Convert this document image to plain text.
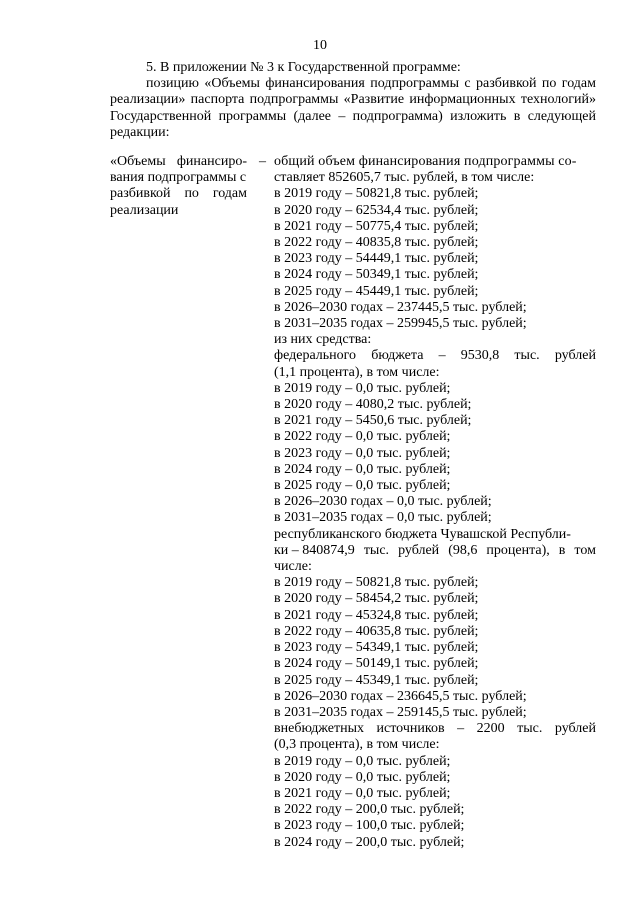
10

5. В приложении № 3 к Государственной программе:

позицию «Объемы финансирования подпрограммы с разбивкой по годам реализации» паспорта подпрограммы «Развитие информационных технологий» Государственной программы (далее – подпрограмма) изложить в следующей редакции:

«Объемы финансиро-
вания подпрограммы с
разбивкой по годам
реализации
– общий объем финансирования подпрограммы со-
ставляет 852605,7 тыс. рублей, в том числе:
в 2019 году – 50821,8 тыс. рублей;
в 2020 году – 62534,4 тыс. рублей;
в 2021 году – 50775,4 тыс. рублей;
в 2022 году – 40835,8 тыс. рублей;
в 2023 году – 54449,1 тыс. рублей;
в 2024 году – 50349,1 тыс. рублей;
в 2025 году – 45449,1 тыс. рублей;
в 2026–2030 годах – 237445,5 тыс. рублей;
в 2031–2035 годах – 259945,5 тыс. рублей;
из них средства:
федерального бюджета – 9530,8 тыс. рублей
(1,1 процента), в том числе:
в 2019 году – 0,0 тыс. рублей;
в 2020 году – 4080,2 тыс. рублей;
в 2021 году – 5450,6 тыс. рублей;
в 2022 году – 0,0 тыс. рублей;
в 2023 году – 0,0 тыс. рублей;
в 2024 году – 0,0 тыс. рублей;
в 2025 году – 0,0 тыс. рублей;
в 2026–2030 годах – 0,0 тыс. рублей;
в 2031–2035 годах – 0,0 тыс. рублей;
республиканского бюджета Чувашской Республи-
ки – 840874,9 тыс. рублей (98,6 процента), в том
числе:
в 2019 году – 50821,8 тыс. рублей;
в 2020 году – 58454,2 тыс. рублей;
в 2021 году – 45324,8 тыс. рублей;
в 2022 году – 40635,8 тыс. рублей;
в 2023 году – 54349,1 тыс. рублей;
в 2024 году – 50149,1 тыс. рублей;
в 2025 году – 45349,1 тыс. рублей;
в 2026–2030 годах – 236645,5 тыс. рублей;
в 2031–2035 годах – 259145,5 тыс. рублей;
внебюджетных источников – 2200 тыс. рублей
(0,3 процента), в том числе:
в 2019 году – 0,0 тыс. рублей;
в 2020 году – 0,0 тыс. рублей;
в 2021 году – 0,0 тыс. рублей;
в 2022 году – 200,0 тыс. рублей;
в 2023 году – 100,0 тыс. рублей;
в 2024 году – 200,0 тыс. рублей;
